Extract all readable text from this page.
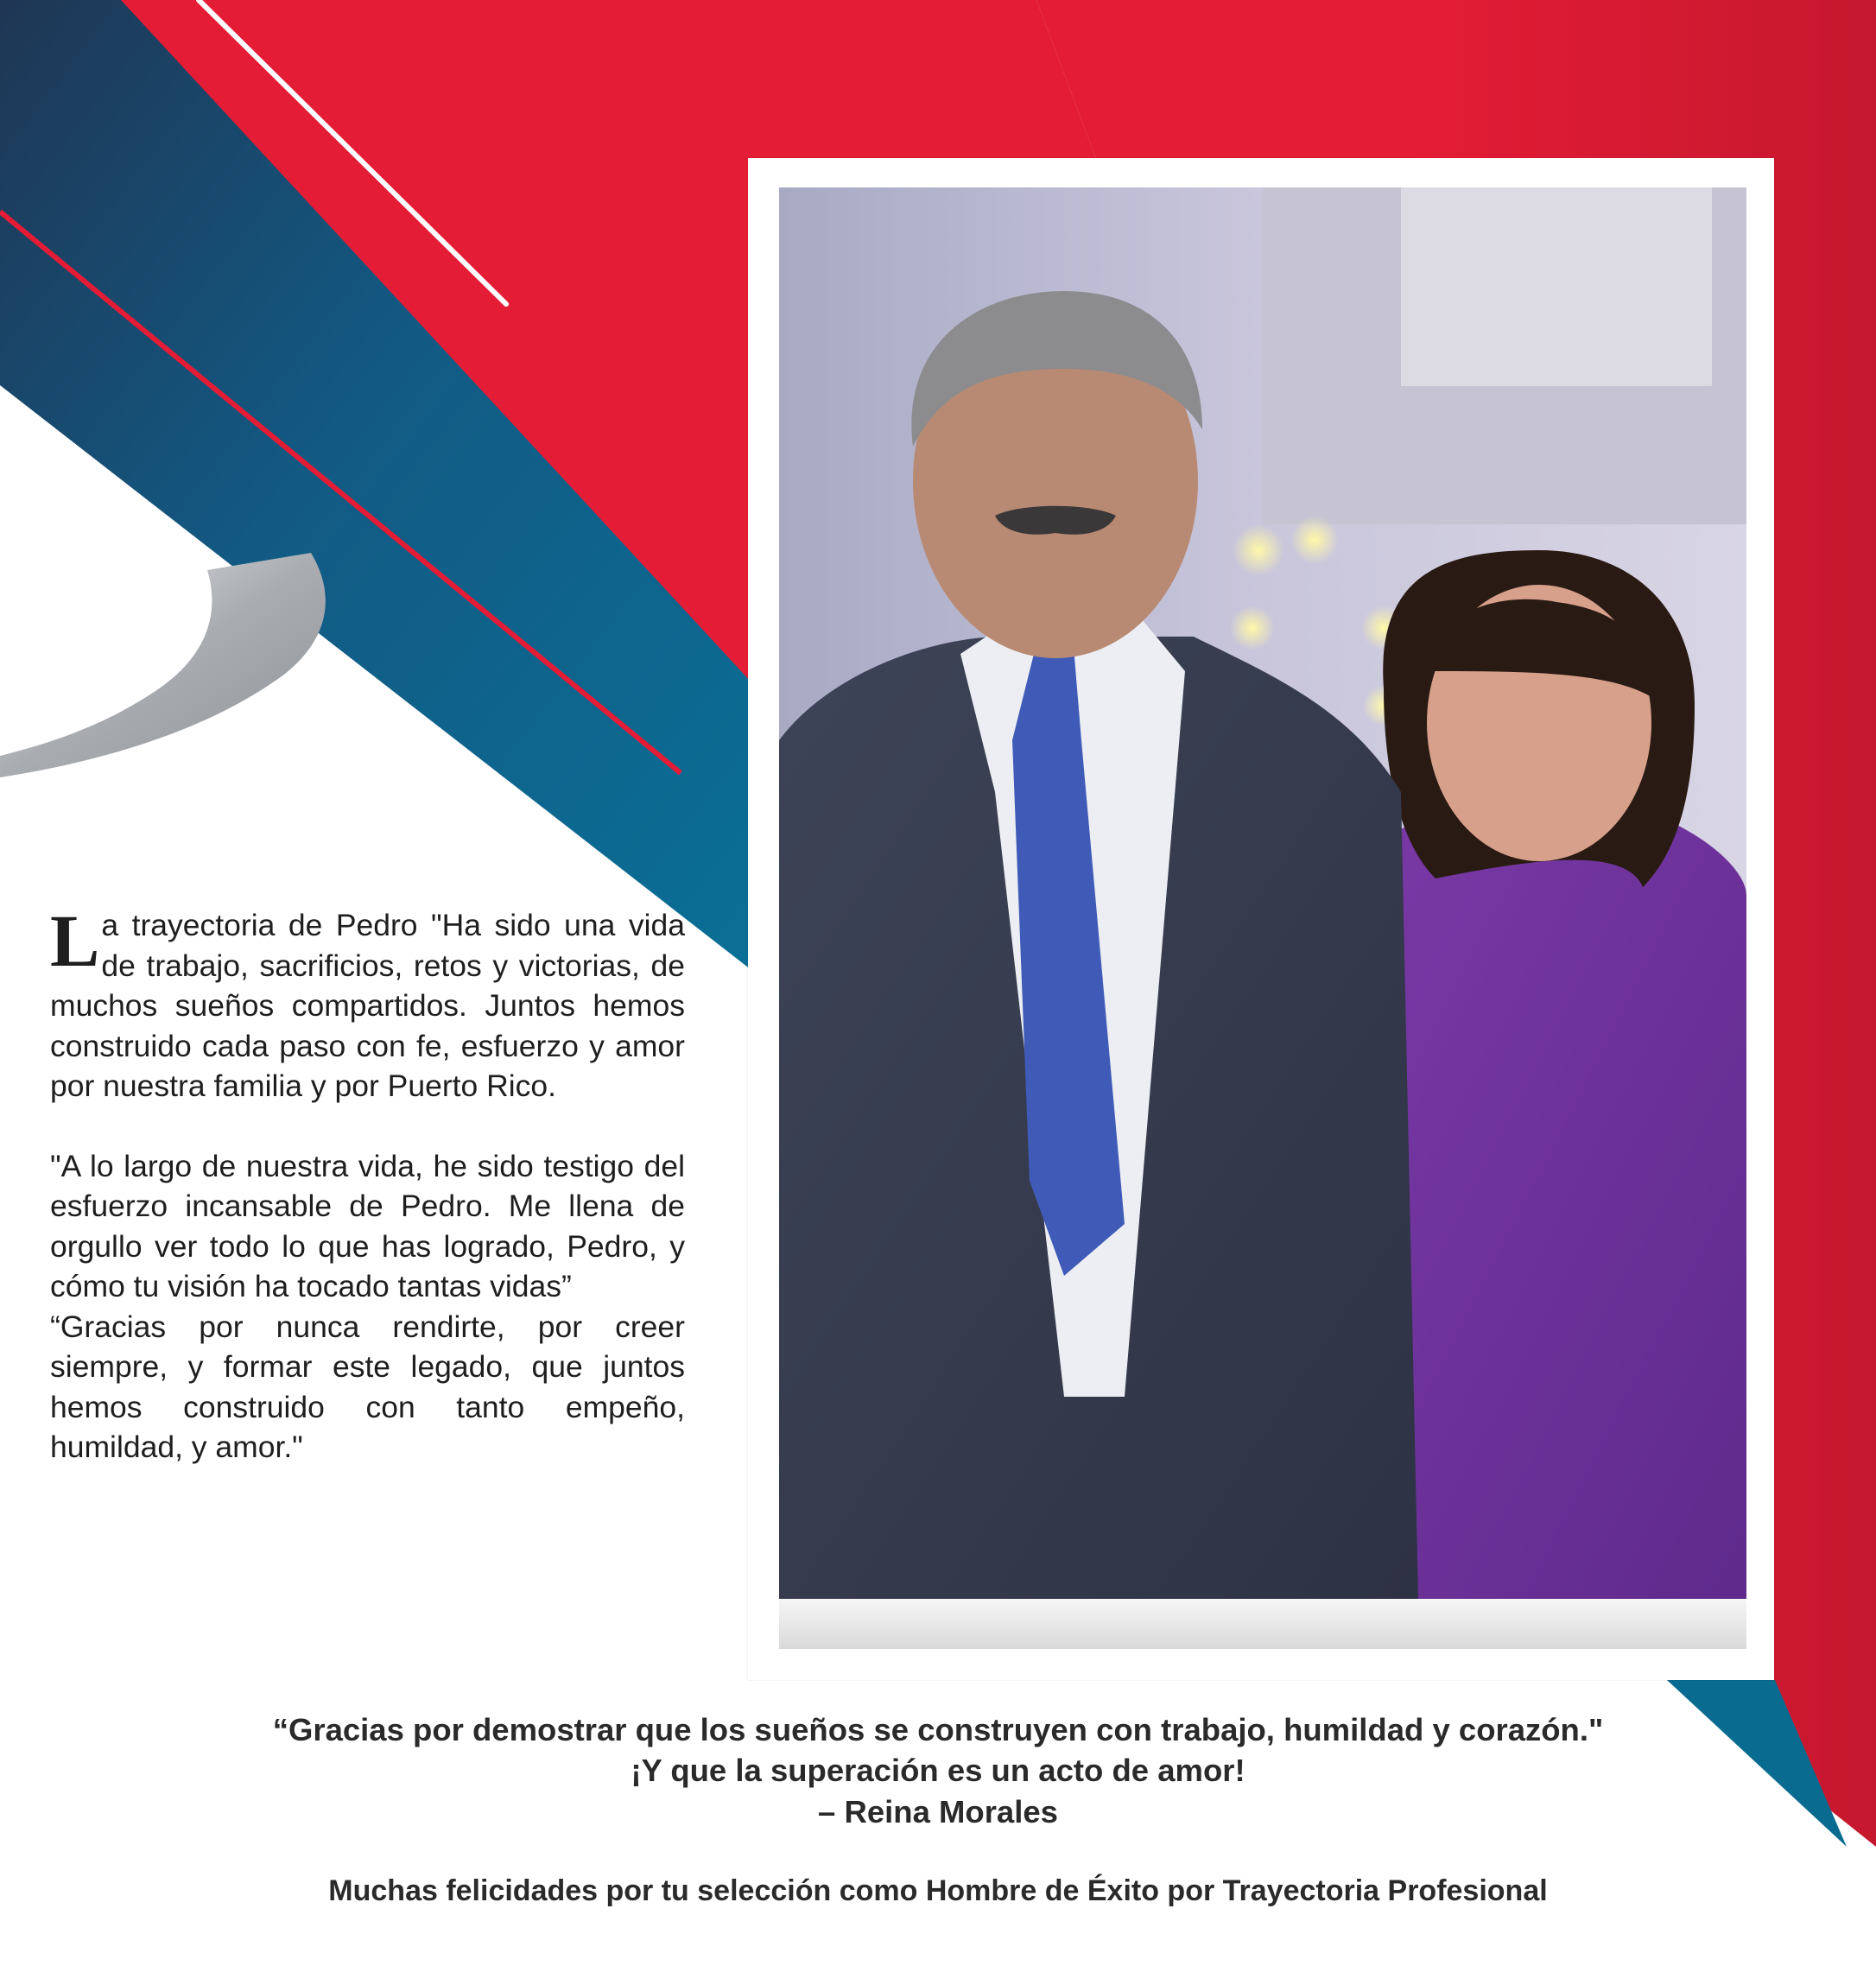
La trayectoria de Pedro "Ha sido una vida de trabajo, sacrificios, retos y victorias, de muchos sueños compartidos. Juntos hemos construido cada paso con fe, esfuerzo y amor por nuestra familia y por Puerto Rico.

"A lo largo de nuestra vida, he sido testigo del esfuerzo incansable de Pedro. Me llena de orgullo ver todo lo que has logrado, Pedro, y cómo tu visión ha tocado tantas vidas”

“Gracias por nunca rendirte, por creer siempre, y formar este legado, que juntos hemos construido con tanto empeño, humildad, y amor."

“Gracias por demostrar que los sueños se construyen con trabajo, humildad y corazón."

¡Y que la superación es un acto de amor!

– Reina Morales

Muchas felicidades por tu selección como Hombre de Éxito por Trayectoria Profesional
